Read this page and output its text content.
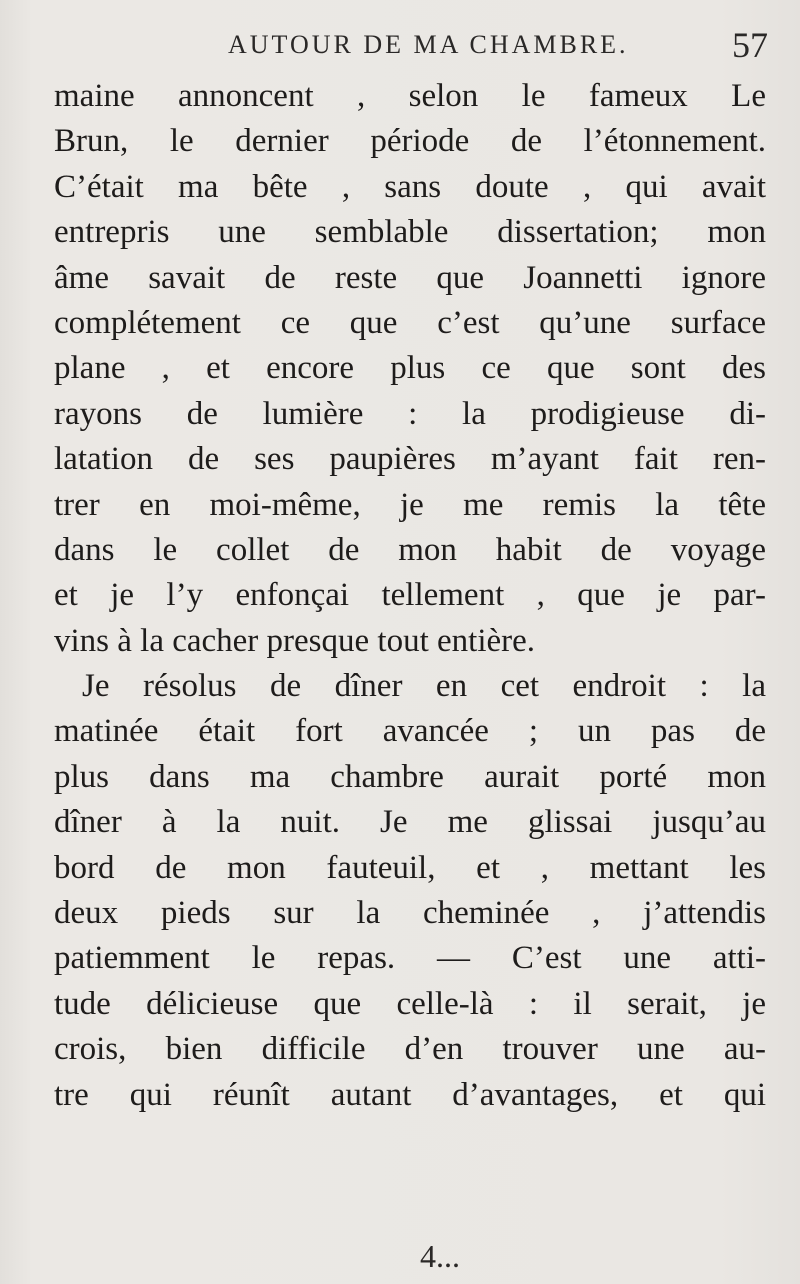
AUTOUR DE MA CHAMBRE.	57
maine annoncent , selon le fameux Le
Brun, le dernier période de l’étonnement.
C’était ma bête , sans doute , qui avait
entrepris une semblable dissertation; mon
âme savait de reste que Joannetti ignore
complétement ce que c’est qu’une surface
plane , et encore plus ce que sont des
rayons de lumière : la prodigieuse di-
latation de ses paupières m’ayant fait ren-
trer en moi-même, je me remis la tête
dans le collet de mon habit de voyage
et je l’y enfonçai tellement , que je par-
vins à la cacher presque tout entière.
Je résolus de dîner en cet endroit : la
matinée était fort avancée ; un pas de
plus dans ma chambre aurait porté mon
dîner à la nuit. Je me glissai jusqu’au
bord de mon fauteuil, et , mettant les
deux pieds sur la cheminée , j’attendis
patiemment le repas. — C’est une atti-
tude délicieuse que celle-là : il serait, je
crois, bien difficile d’en trouver une au-
tre qui réunît autant d’avantages, et qui
4...
